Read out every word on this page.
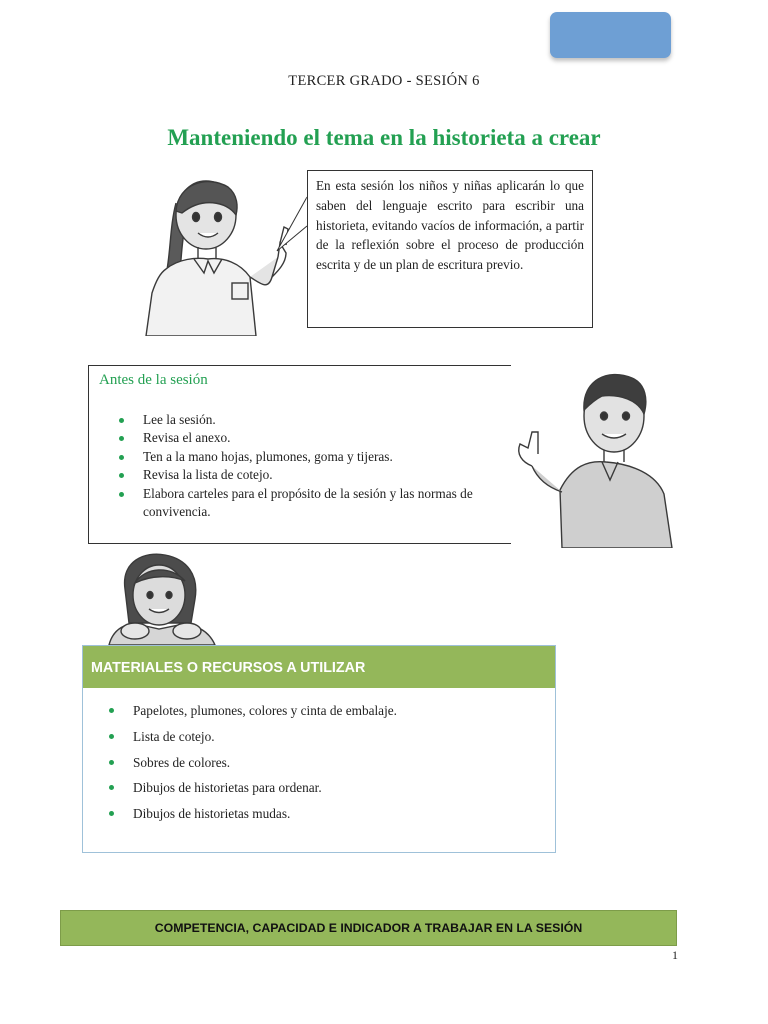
TERCER GRADO - SESIÓN 6
Manteniendo el tema en la historieta a crear
En esta sesión los niños y niñas aplicarán lo que saben del lenguaje escrito para escribir una historieta, evitando vacíos de información, a partir de la reflexión sobre el proceso de producción escrita y de un plan de escritura previo.
Antes de la sesión
Lee la sesión.
Revisa el anexo.
Ten a la mano hojas, plumones, goma y tijeras.
Revisa la lista de cotejo.
Elabora carteles para el propósito de la sesión y las normas de convivencia.
MATERIALES O RECURSOS A UTILIZAR
Papelotes, plumones, colores y cinta de embalaje.
Lista de cotejo.
Sobres de colores.
Dibujos de historietas para ordenar.
Dibujos de historietas mudas.
COMPETENCIA, CAPACIDAD E INDICADOR A TRABAJAR EN LA SESIÓN
1
